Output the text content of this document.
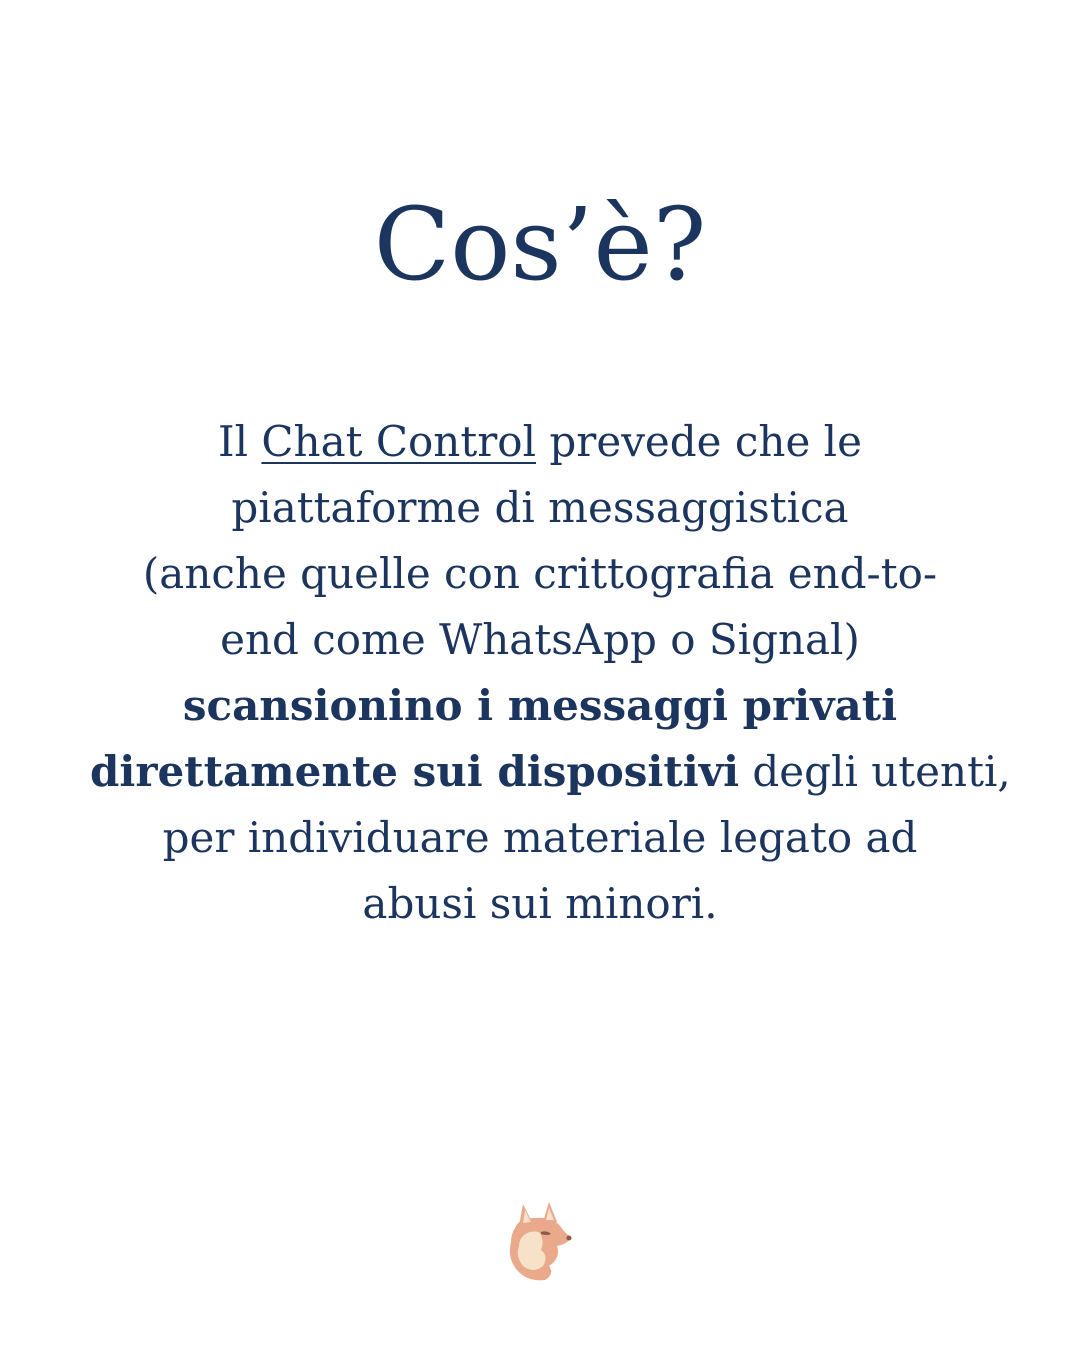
Cos’è?

Il Chat Control prevede che le
piattaforme di messaggistica
(anche quelle con crittografia end-to-
end come WhatsApp o Signal)
scansionino i messaggi privati
direttamente sui dispositivi degli utenti,
per individuare materiale legato ad
abusi sui minori.
